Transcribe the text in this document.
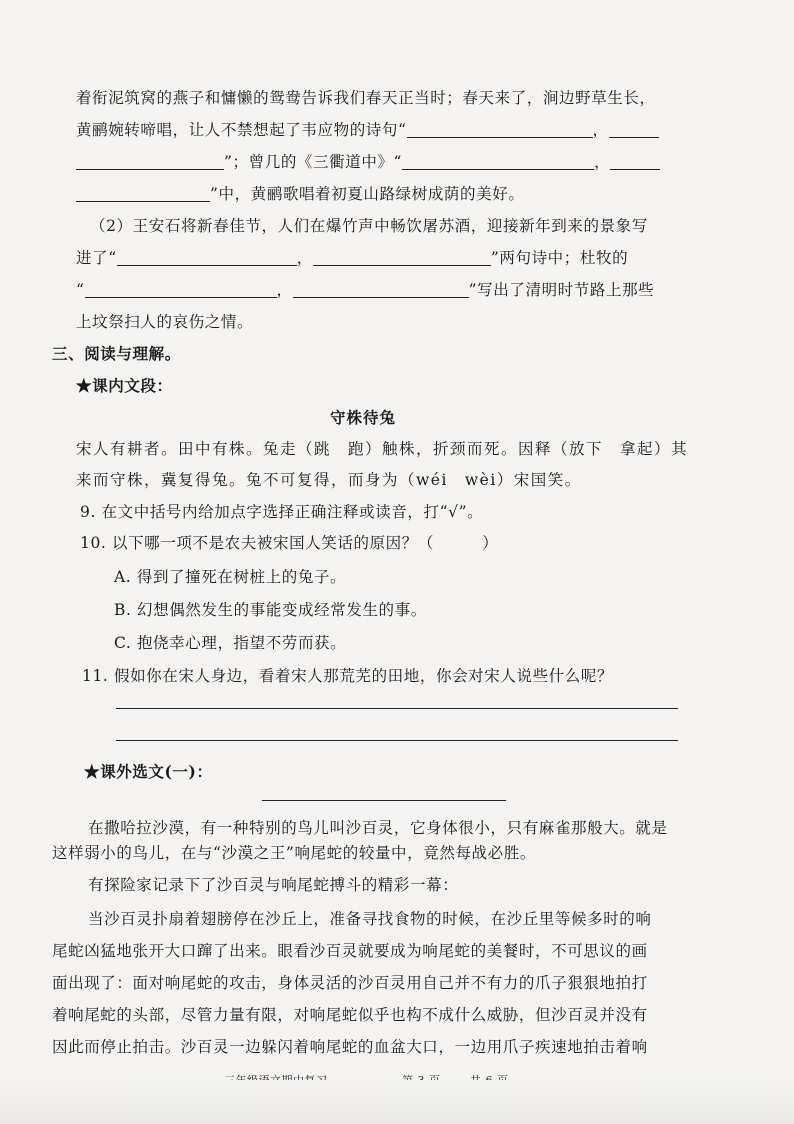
着衔泥筑窝的燕子和慵懒的鸳鸯告诉我们春天正当时；春天来了，涧边野草生长，
黄鹂婉转啼唱，让人不禁想起了韦应物的诗句“	，
”；曾几的《三衢道中》“	，
”中，黄鹂歌唱着初夏山路绿树成荫的美好。
（2）王安石将新春佳节，人们在爆竹声中畅饮屠苏酒，迎接新年到来的景象写
进了“	，	”两句诗中；杜牧的
“	，	”写出了清明时节路上那些
上坟祭扫人的哀伤之情。
三、阅读与理解。
★课内文段：
守株待兔
宋人有耕者。田中有株。兔走（跳　跑）触株，折颈而死。因释（放下　拿起）其
来而守株，冀复得兔。兔不可复得，而身为（wéi　wèi）宋国笑。
9. 在文中括号内给加点字选择正确注释或读音，打“√”。
10. 以下哪一项不是农夫被宋国人笑话的原因？（　　　）
A. 得到了撞死在树桩上的兔子。
B. 幻想偶然发生的事能变成经常发生的事。
C. 抱侥幸心理，指望不劳而获。
11. 假如你在宋人身边，看着宋人那荒芜的田地，你会对宋人说些什么呢？
★课外选文(一)：
在撒哈拉沙漠，有一种特别的鸟儿叫沙百灵，它身体很小，只有麻雀那般大。就是
这样弱小的鸟儿，在与“沙漠之王”响尾蛇的较量中，竟然每战必胜。
有探险家记录下了沙百灵与响尾蛇搏斗的精彩一幕：
当沙百灵扑扇着翅膀停在沙丘上，准备寻找食物的时候，在沙丘里等候多时的响
尾蛇凶猛地张开大口蹿了出来。眼看沙百灵就要成为响尾蛇的美餐时，不可思议的画
面出现了：面对响尾蛇的攻击，身体灵活的沙百灵用自己并不有力的爪子狠狠地拍打
着响尾蛇的头部，尽管力量有限，对响尾蛇似乎也构不成什么威胁，但沙百灵并没有
因此而停止拍击。沙百灵一边躲闪着响尾蛇的血盆大口，一边用爪子疾速地拍击着响
